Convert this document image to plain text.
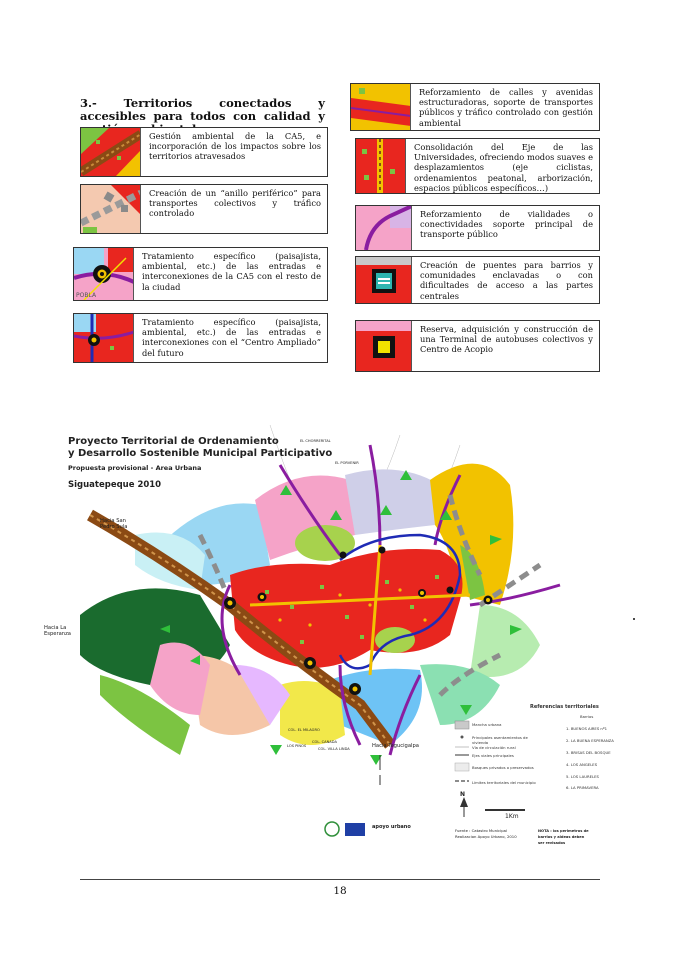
3.- Territorios conectados y accesibles para todos con calidad y
Gestión ambiental de la CA5, e incorporación de los impactos sobre los territorios atravesados
Creación de un “anillo periférico” para transportes colectivos y tráfico controlado
POBLA
Tratamiento específico (paisajista, ambiental, etc.) de las entradas e interconexiones de la CA5 con el resto de la ciudad
Tratamiento específico (paisajista, ambiental, etc.) de las entradas e interconexiones con el “Centro Ampliado” del futuro
Reforzamiento de calles y avenidas estructuradoras, soporte de transportes públicos y tráfico controlado con gestión ambiental
Consolidación del Eje de las Universidades, ofreciendo modos suaves e desplazamientos (eje ciclistas, ordenamientos peatonal, arborización, espacios públicos específicos…)
Reforzamiento de vialidades o conectividades soporte principal de transporte público
Creación de puentes para barrios y comunidades enclavadas o con dificultades de acceso a las partes centrales
Reserva, adquisición y construcción de una Terminal de autobuses colectivos y Centro de Acopio
Proyecto Territorial de Ordenamiento
y Desarrollo Sostenible Municipal Participativo
Propuesta provisional - Area Urbana
Siguatepeque 2010
Hacia San Pedro Sula
Hacia La Esperanza
Hacia Tegucigalpa
COL. EL MILAGRO
LOS PINOS
COL. CANADA
COL. VILLA LINDA
EL CHORRERITAL
EL PORVENIR
Referencias territoriales
Mancha urbana
Principales asentamientos de vivienda
Vía de circulación rural
Ejes viales principales
Bosques privados o preservados
Límites territoriales del municipio
Barrios
1. BUENOS AIRES nº1
2. LA BUENA ESPERANZA
3. BRISAS DEL BOSQUE
4. LOS ANGELES
5. LOS LAURELES
6. LA PRIMAVERA
N
1Km
apoyo urbano
Fuente : Catastro Municipal
Realizacion Apoyo Urbano, 2010
NOTA : los perimetros de barrios y aldeas deben ser revisados
18
